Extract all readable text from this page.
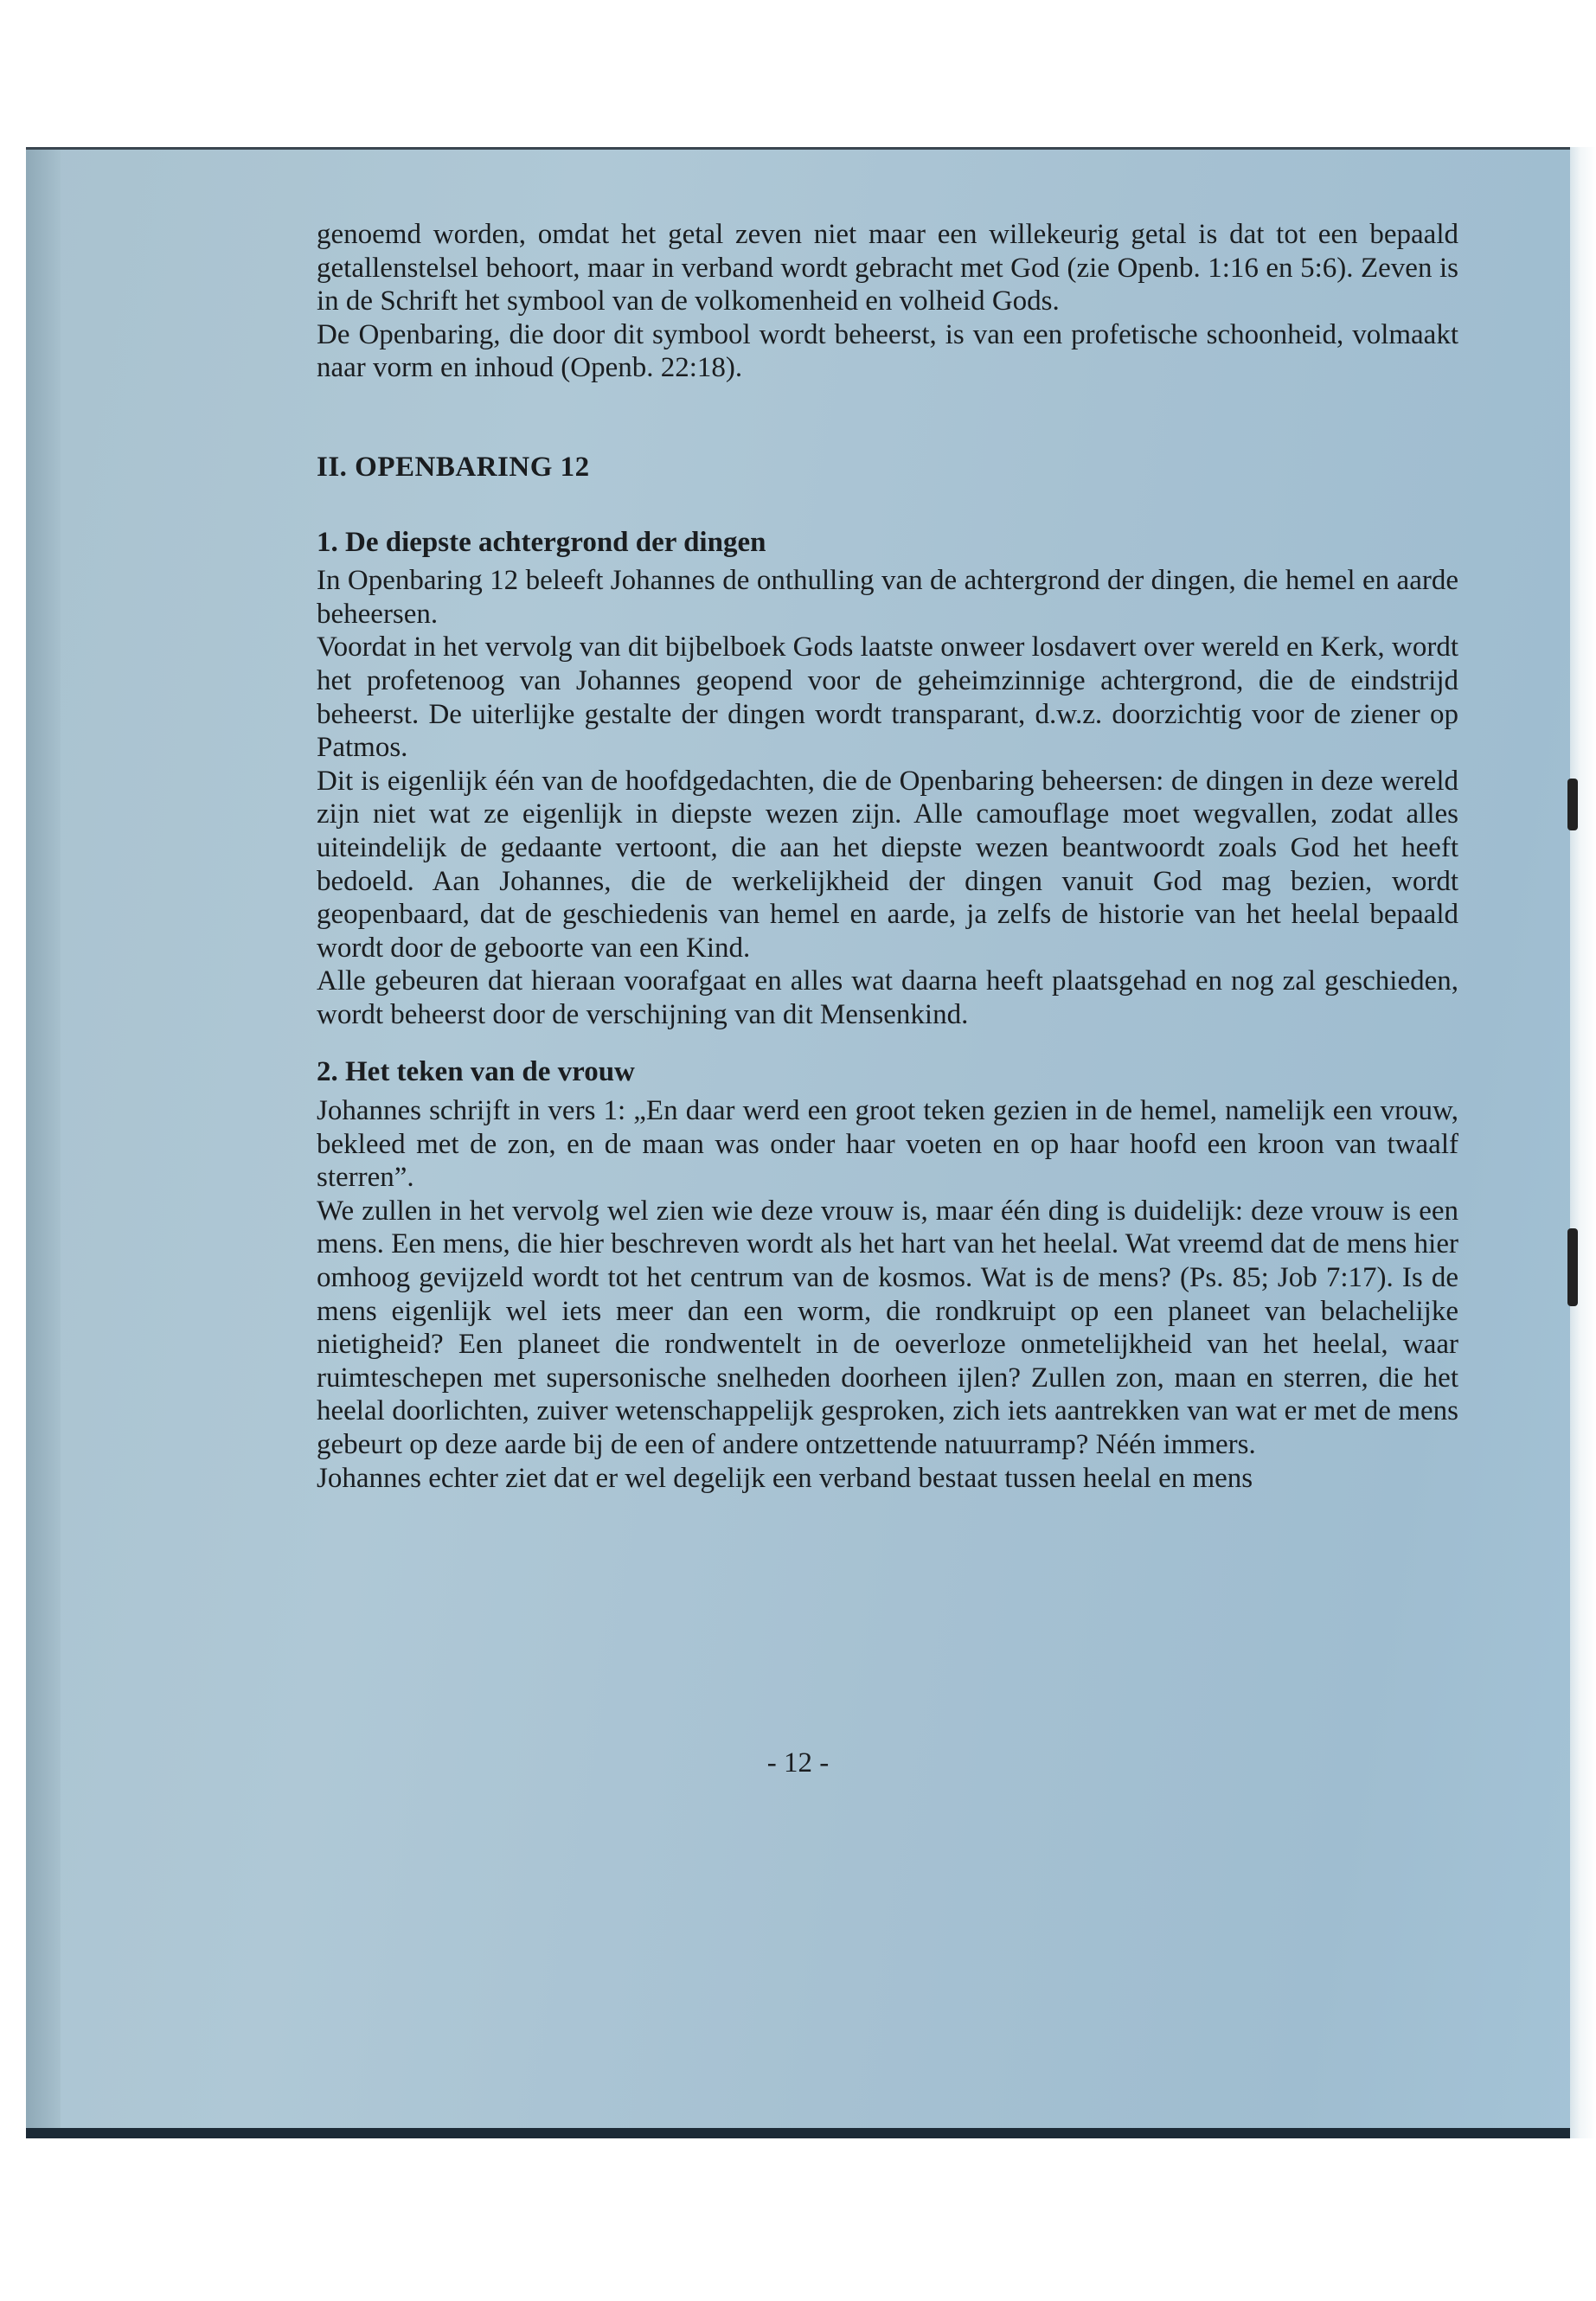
genoemd worden, omdat het getal zeven niet maar een willekeurig getal is dat tot een bepaald getallenstelsel behoort, maar in verband wordt gebracht met God (zie Openb. 1:16 en 5:6). Zeven is in de Schrift het symbool van de volkomenheid en volheid Gods.

De Openbaring, die door dit symbool wordt beheerst, is van een profetische schoonheid, volmaakt naar vorm en inhoud (Openb. 22:18).

II. OPENBARING 12

1. De diepste achtergrond der dingen

In Openbaring 12 beleeft Johannes de onthulling van de achtergrond der dingen, die hemel en aarde beheersen.

Voordat in het vervolg van dit bijbelboek Gods laatste onweer losdavert over wereld en Kerk, wordt het profetenoog van Johannes geopend voor de geheimzinnige achtergrond, die de eindstrijd beheerst. De uiterlijke gestalte der dingen wordt transparant, d.w.z. doorzichtig voor de ziener op Patmos.

Dit is eigenlijk één van de hoofdgedachten, die de Openbaring beheersen: de dingen in deze wereld zijn niet wat ze eigenlijk in diepste wezen zijn. Alle camouflage moet wegvallen, zodat alles uiteindelijk de gedaante vertoont, die aan het diepste wezen beantwoordt zoals God het heeft bedoeld. Aan Johannes, die de werkelijkheid der dingen vanuit God mag bezien, wordt geopenbaard, dat de geschiedenis van hemel en aarde, ja zelfs de historie van het heelal bepaald wordt door de geboorte van een Kind.

Alle gebeuren dat hieraan voorafgaat en alles wat daarna heeft plaatsgehad en nog zal geschieden, wordt beheerst door de verschijning van dit Mensenkind.

2. Het teken van de vrouw

Johannes schrijft in vers 1: „En daar werd een groot teken gezien in de hemel, namelijk een vrouw, bekleed met de zon, en de maan was onder haar voeten en op haar hoofd een kroon van twaalf sterren”.

We zullen in het vervolg wel zien wie deze vrouw is, maar één ding is duidelijk: deze vrouw is een mens. Een mens, die hier beschreven wordt als het hart van het heelal. Wat vreemd dat de mens hier omhoog gevijzeld wordt tot het centrum van de kosmos. Wat is de mens? (Ps. 85; Job 7:17). Is de mens eigenlijk wel iets meer dan een worm, die rondkruipt op een planeet van belachelijke nietigheid? Een planeet die rondwentelt in de oeverloze onmetelijkheid van het heelal, waar ruimteschepen met supersonische snelheden doorheen ijlen? Zullen zon, maan en sterren, die het heelal doorlichten, zuiver wetenschappelijk gesproken, zich iets aantrekken van wat er met de mens gebeurt op deze aarde bij de een of andere ontzettende natuurramp? Néén immers.

Johannes echter ziet dat er wel degelijk een verband bestaat tussen heelal en mens

- 12 -
